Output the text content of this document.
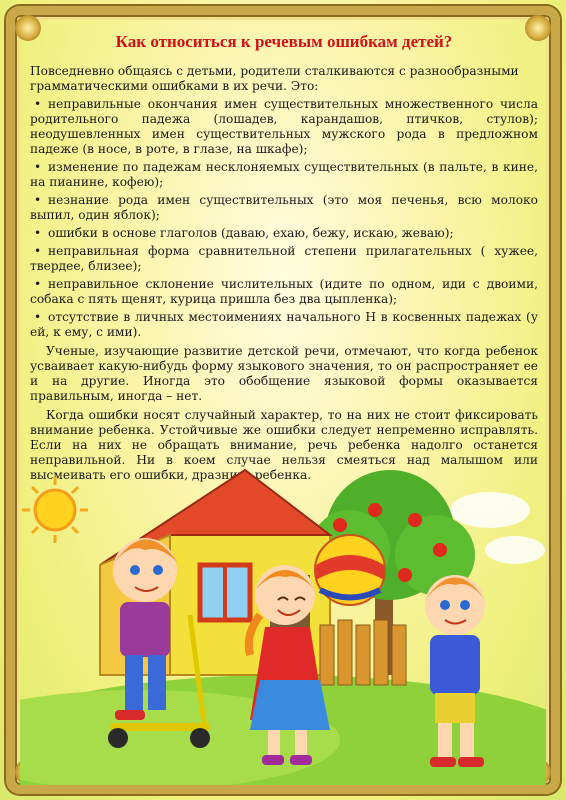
Как относиться к речевым ошибкам детей?

Повседневно общаясь с детьми, родители сталкиваются с разнообразными грамматическими ошибками в их речи. Это:

• неправильные окончания имен существительных множественного числа родительного падежа (лошадев, карандашов, птичков, стулов); неодушевленных имен существительных мужского рода в предложном падеже (в носе, в роте, в глазе, на шкафе);
• изменение по падежам несклоняемых существительных (в пальте, в кине, на пианине, кофею);
• незнание рода имен существительных (это моя печенья, всю молоко выпил, один яблок);
• ошибки в основе глаголов (даваю, ехаю, бежу, искаю, жеваю);
• неправильная форма сравнительной степени прилагательных ( хужее, твердее, близее);
• неправильное склонение числительных (идите по одном, иди с двоими, собака с пять щенят, курица пришла без два цыпленка);
• отсутствие в личных местоимениях начального Н в косвенных падежах (у ей, к ему, с ими).

Ученые, изучающие развитие детской речи, отмечают, что когда ребенок усваивает какую-нибудь форму языкового значения, то он распространяет ее и на другие. Иногда это обобщение языковой формы оказывается правильным, иногда – нет.

Когда ошибки носят случайный характер, то на них не стоит фиксировать внимание ребенка. Устойчивые же ошибки следует непременно исправлять. Если на них не обращать внимание, речь ребенка надолго останется неправильной. Ни в коем случае нельзя смеяться над малышом или высмеивать его ошибки, дразнить ребенка.
